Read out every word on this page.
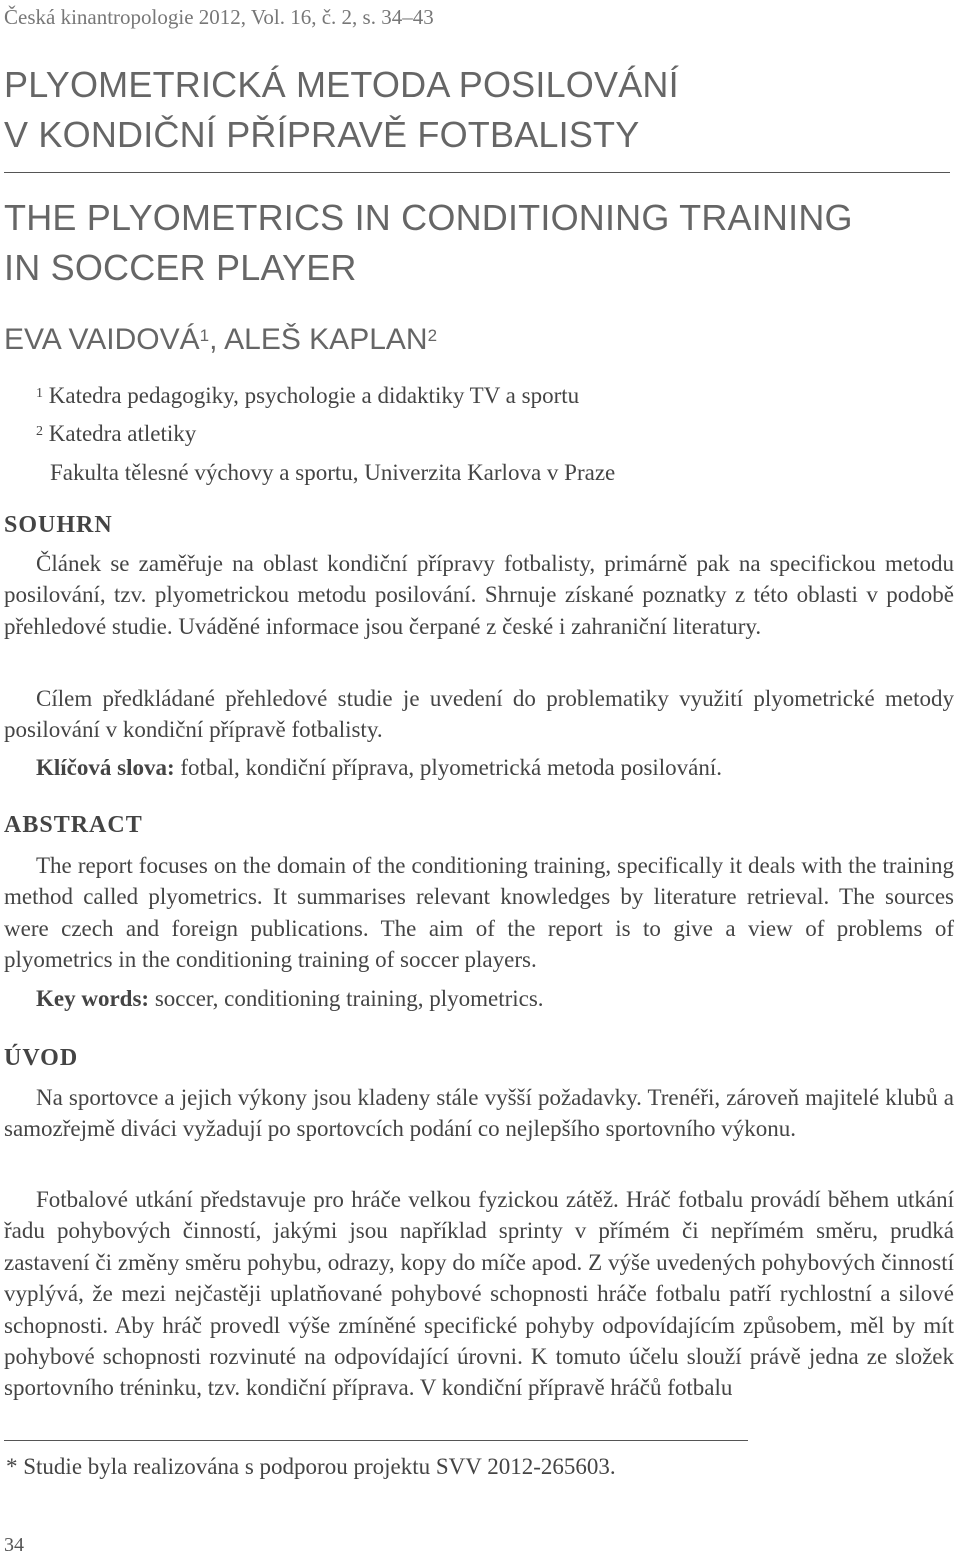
Česká kinantropologie 2012, Vol. 16, č. 2, s. 34–43
PLYOMETRICKÁ METODA POSILOVÁNÍ
V KONDIČNÍ PŘÍPRAVĚ FOTBALISTY
THE PLYOMETRICS IN CONDITIONING TRAINING
IN SOCCER PLAYER
EVA VAIDOVÁ$^1$, ALEŠ KAPLAN$^2$
$^1$ Katedra pedagogiky, psychologie a didaktiky TV a sportu
$^2$ Katedra atletiky
Fakulta tělesné výchovy a sportu, Univerzita Karlova v Praze
SOUHRN

Článek se zaměřuje na oblast kondiční přípravy fotbalisty, primárně pak na specifickou metodu posilování, tzv. plyometrickou metodu posilování. Shrnuje získané poznatky z této oblasti v podobě přehledové studie. Uváděné informace jsou čerpané z české i zahraniční literatury.

Cílem předkládané přehledové studie je uvedení do problematiky využití plyometrické metody posilování v kondiční přípravě fotbalisty.

Klíčová slova: fotbal, kondiční příprava, plyometrická metoda posilování.

ABSTRACT

The report focuses on the domain of the conditioning training, specifically it deals with the training method called plyometrics. It summarises relevant knowledges by literature retrieval. The sources were czech and foreign publications. The aim of the report is to give a view of problems of plyometrics in the conditioning training of soccer players.

Key words: soccer, conditioning training, plyometrics.

ÚVOD

Na sportovce a jejich výkony jsou kladeny stále vyšší požadavky. Trenéři, zároveň majitelé klubů a samozřejmě diváci vyžadují po sportovcích podání co nejlepšího sportovního výkonu.

Fotbalové utkání představuje pro hráče velkou fyzickou zátěž. Hráč fotbalu provádí během utkání řadu pohybových činností, jakými jsou například sprinty v přímém či nepřímém směru, prudká zastavení či změny směru pohybu, odrazy, kopy do míče apod. Z výše uvedených pohybových činností vyplývá, že mezi nejčastěji uplatňované pohybové schopnosti hráče fotbalu patří rychlostní a silové schopnosti. Aby hráč provedl výše zmíněné specifické pohyby odpovídajícím způsobem, měl by mít pohybové schopnosti rozvinuté na odpovídající úrovni. K tomuto účelu slouží právě jedna ze složek sportovního tréninku, tzv. kondiční příprava. V kondiční přípravě hráčů fotbalu

* Studie byla realizována s podporou projektu SVV 2012-265603.
34
